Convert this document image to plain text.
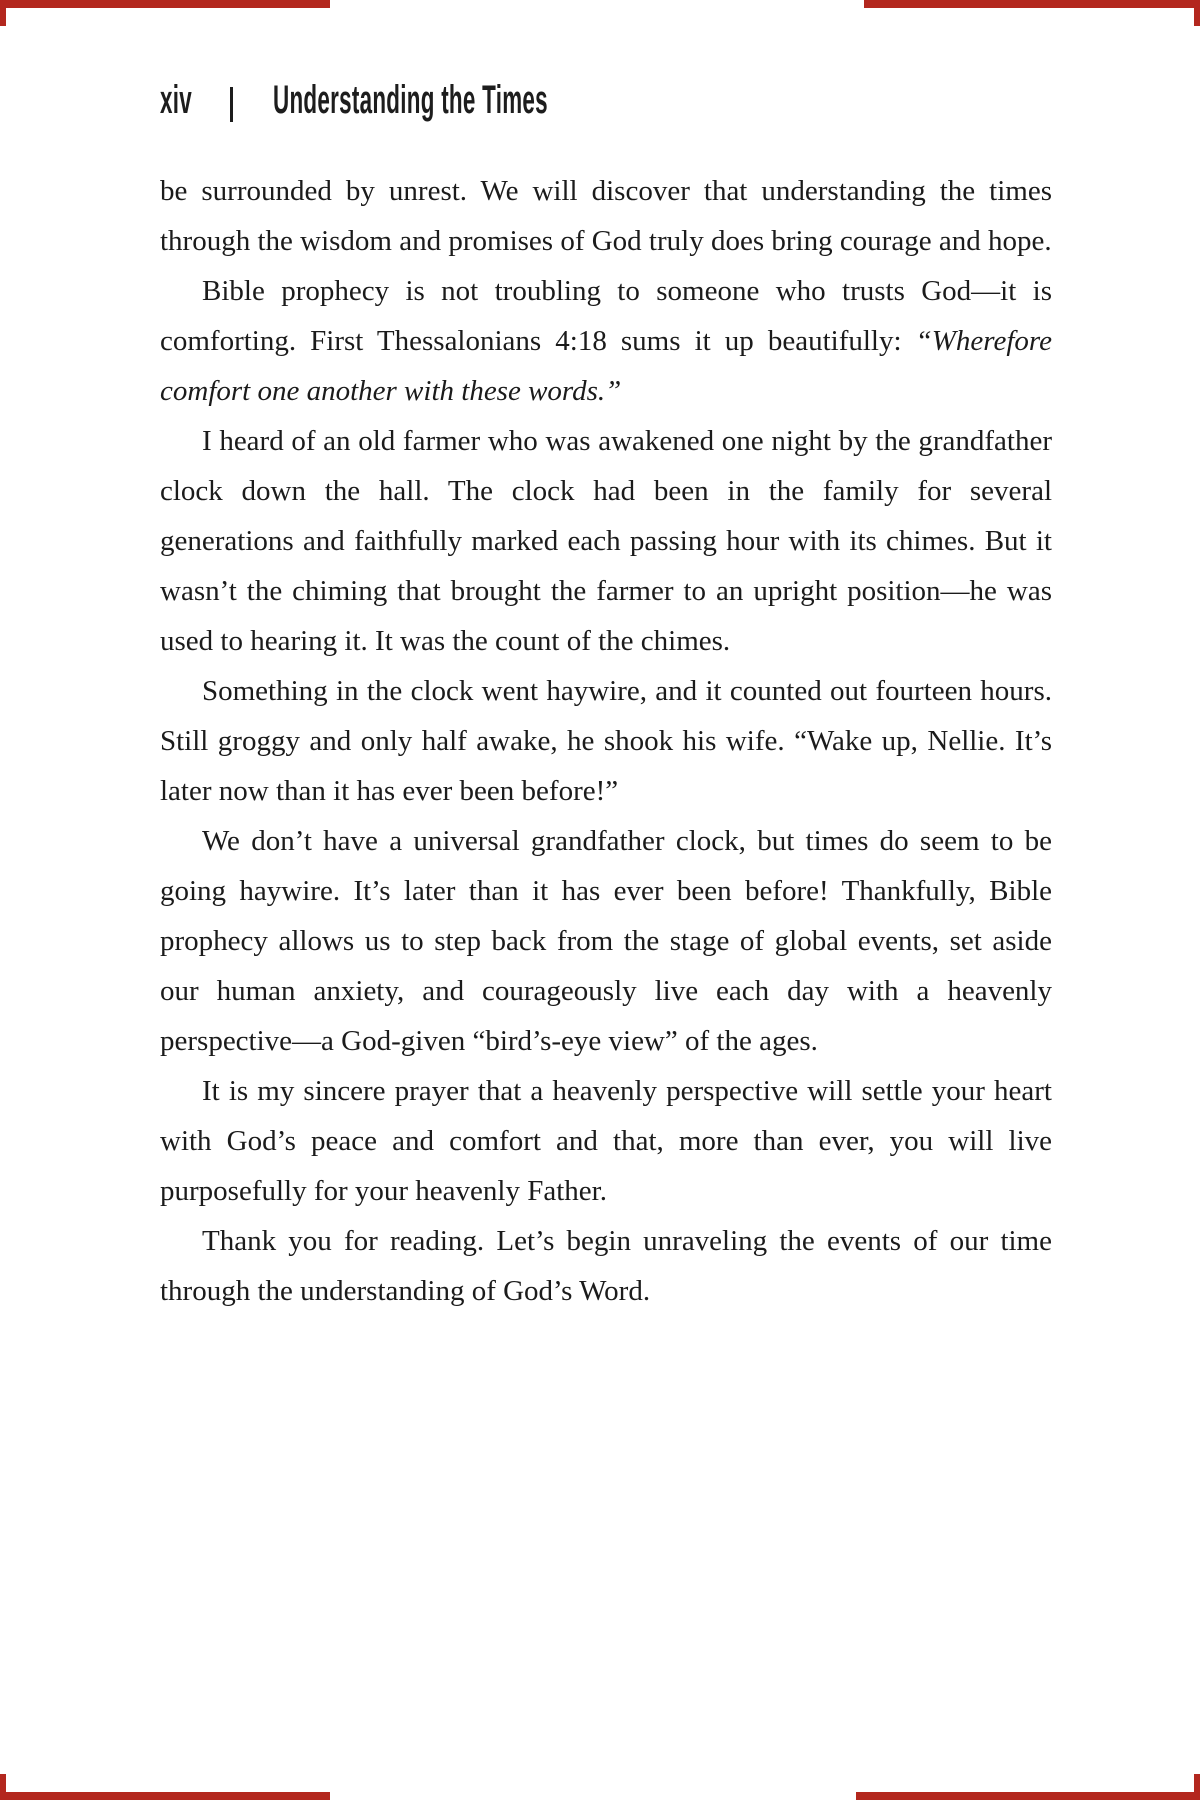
xiv Understanding the Times

be surrounded by unrest. We will discover that understanding the times through the wisdom and promises of God truly does bring courage and hope.

Bible prophecy is not troubling to someone who trusts God—it is comforting. First Thessalonians 4:18 sums it up beautifully: “Wherefore comfort one another with these words.”

I heard of an old farmer who was awakened one night by the grandfather clock down the hall. The clock had been in the family for several generations and faithfully marked each passing hour with its chimes. But it wasn’t the chiming that brought the farmer to an upright position—he was used to hearing it. It was the count of the chimes.

Something in the clock went haywire, and it counted out fourteen hours. Still groggy and only half awake, he shook his wife. “Wake up, Nellie. It’s later now than it has ever been before!”

We don’t have a universal grandfather clock, but times do seem to be going haywire. It’s later than it has ever been before! Thankfully, Bible prophecy allows us to step back from the stage of global events, set aside our human anxiety, and courageously live each day with a heavenly perspective—a God-given “bird’s-eye view” of the ages.

It is my sincere prayer that a heavenly perspective will settle your heart with God’s peace and comfort and that, more than ever, you will live purposefully for your heavenly Father.

Thank you for reading. Let’s begin unraveling the events of our time through the understanding of God’s Word.
